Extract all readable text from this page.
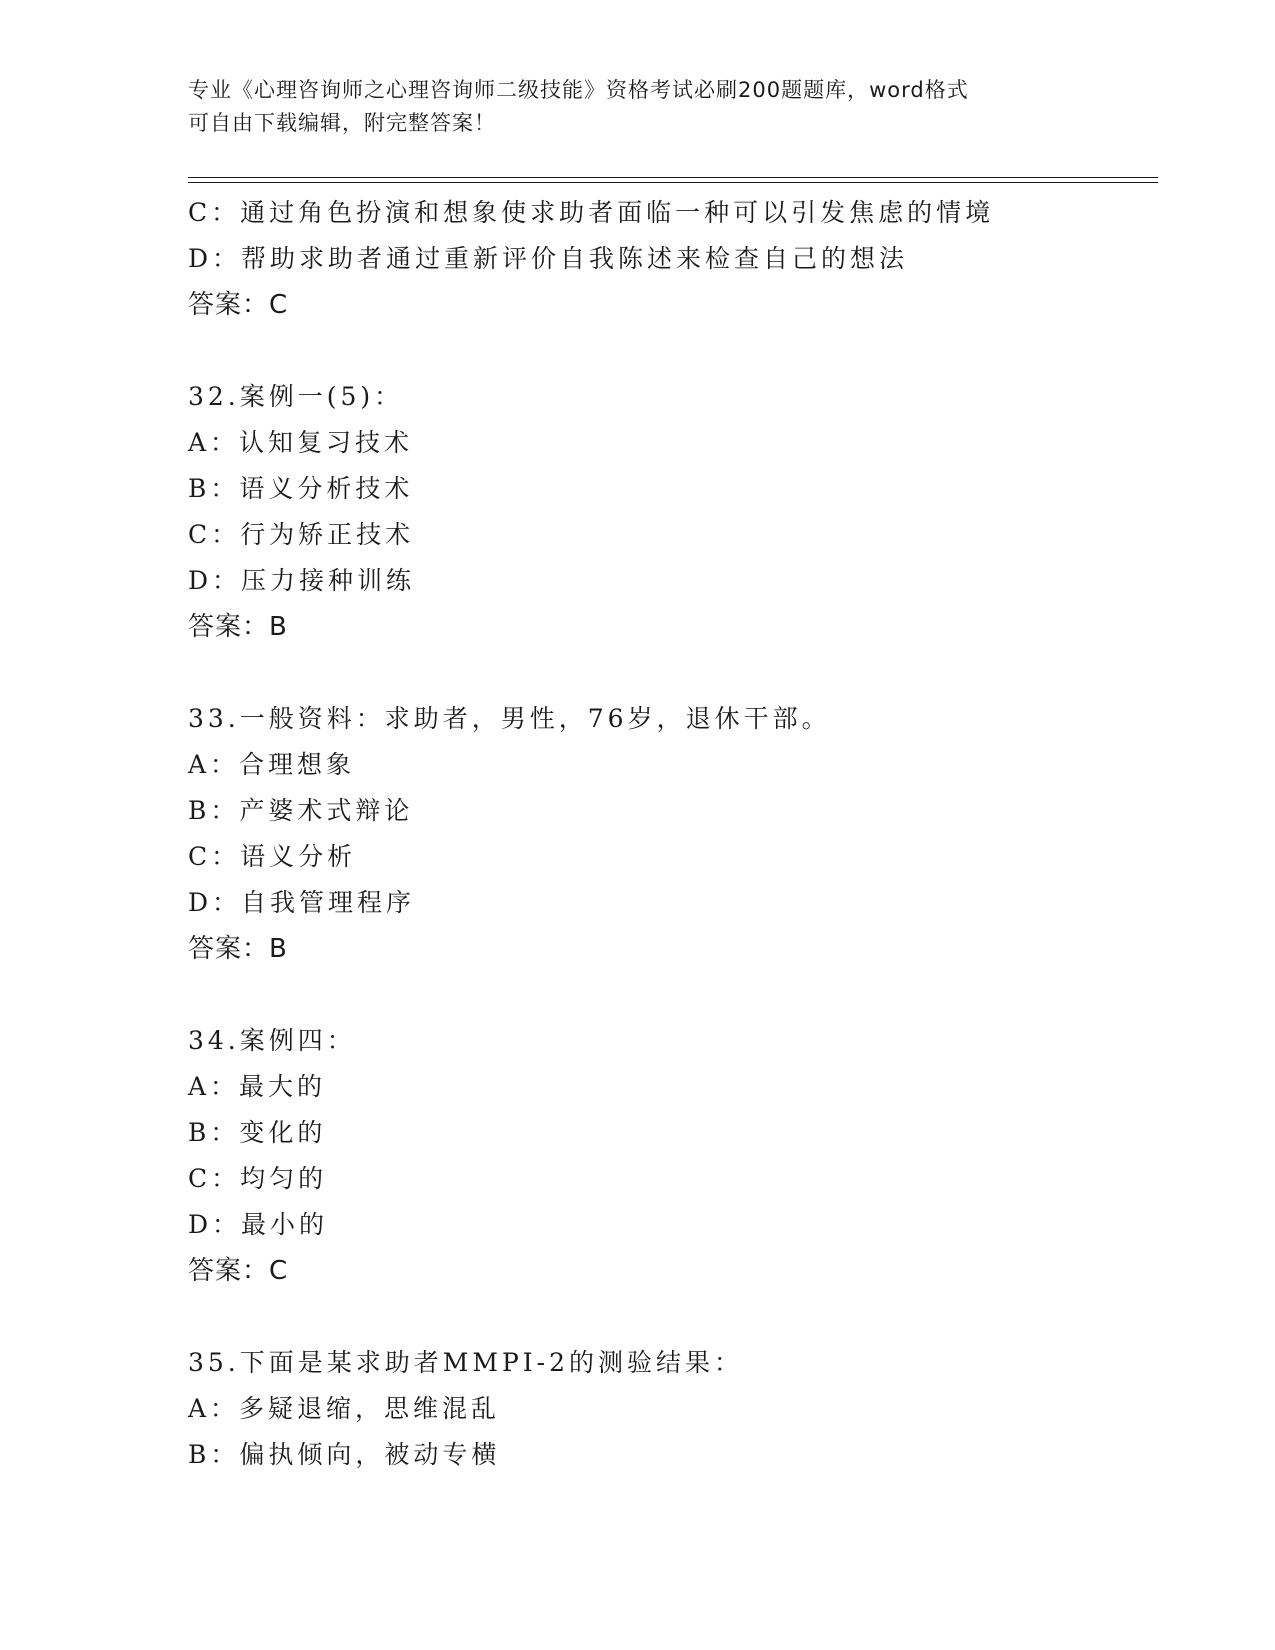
专业《心理咨询师之心理咨询师二级技能》资格考试必刷200题题库，word格式
可自由下载编辑，附完整答案！
C：通过角色扮演和想象使求助者面临一种可以引发焦虑的情境
D：帮助求助者通过重新评价自我陈述来检查自己的想法
答案：C
32.案例一(5)：
A：认知复习技术
B：语义分析技术
C：行为矫正技术
D：压力接种训练
答案：B
33.一般资料：求助者，男性，76岁，退休干部。
A：合理想象
B：产婆术式辩论
C：语义分析
D：自我管理程序
答案：B
34.案例四：
A：最大的
B：变化的
C：均匀的
D：最小的
答案：C
35.下面是某求助者MMPI-2的测验结果：
A：多疑退缩，思维混乱
B：偏执倾向，被动专横
